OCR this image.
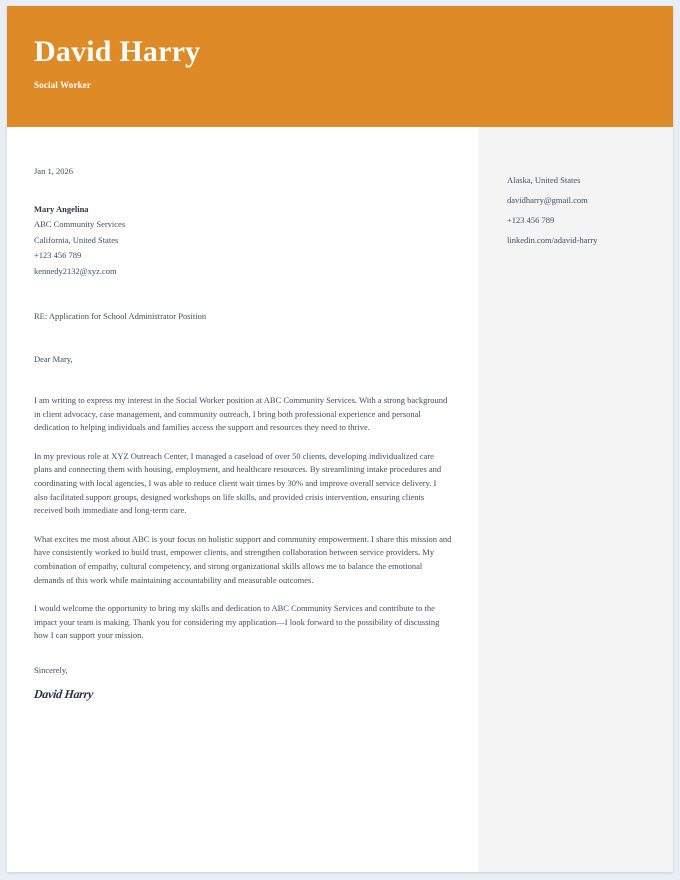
David Harry
Social Worker
Alaska, United States
davidharry@gmail.com
+123 456 789
linkedin.com/adavid-harry
Jan 1, 2026
Mary Angelina
ABC Community Services
California, United States
+123 456 789
kennedy2132@xyz.com
RE: Application for School Administrator Position
Dear Mary,
I am writing to express my interest in the Social Worker position at ABC Community Services. With a strong background in client advocacy, case management, and community outreach, I bring both professional experience and personal dedication to helping individuals and families access the support and resources they need to thrive.
In my previous role at XYZ Outreach Center, I managed a caseload of over 50 clients, developing individualized care plans and connecting them with housing, employment, and healthcare resources. By streamlining intake procedures and coordinating with local agencies, I was able to reduce client wait times by 30% and improve overall service delivery. I also facilitated support groups, designed workshops on life skills, and provided crisis intervention, ensuring clients received both immediate and long-term care.
What excites me most about ABC is your focus on holistic support and community empowerment. I share this mission and have consistently worked to build trust, empower clients, and strengthen collaboration between service providers. My combination of empathy, cultural competency, and strong organizational skills allows me to balance the emotional demands of this work while maintaining accountability and measurable outcomes.
I would welcome the opportunity to bring my skills and dedication to ABC Community Services and contribute to the impact your team is making. Thank you for considering my application—I look forward to the possibility of discussing how I can support your mission.
Sincerely,
David Harry
